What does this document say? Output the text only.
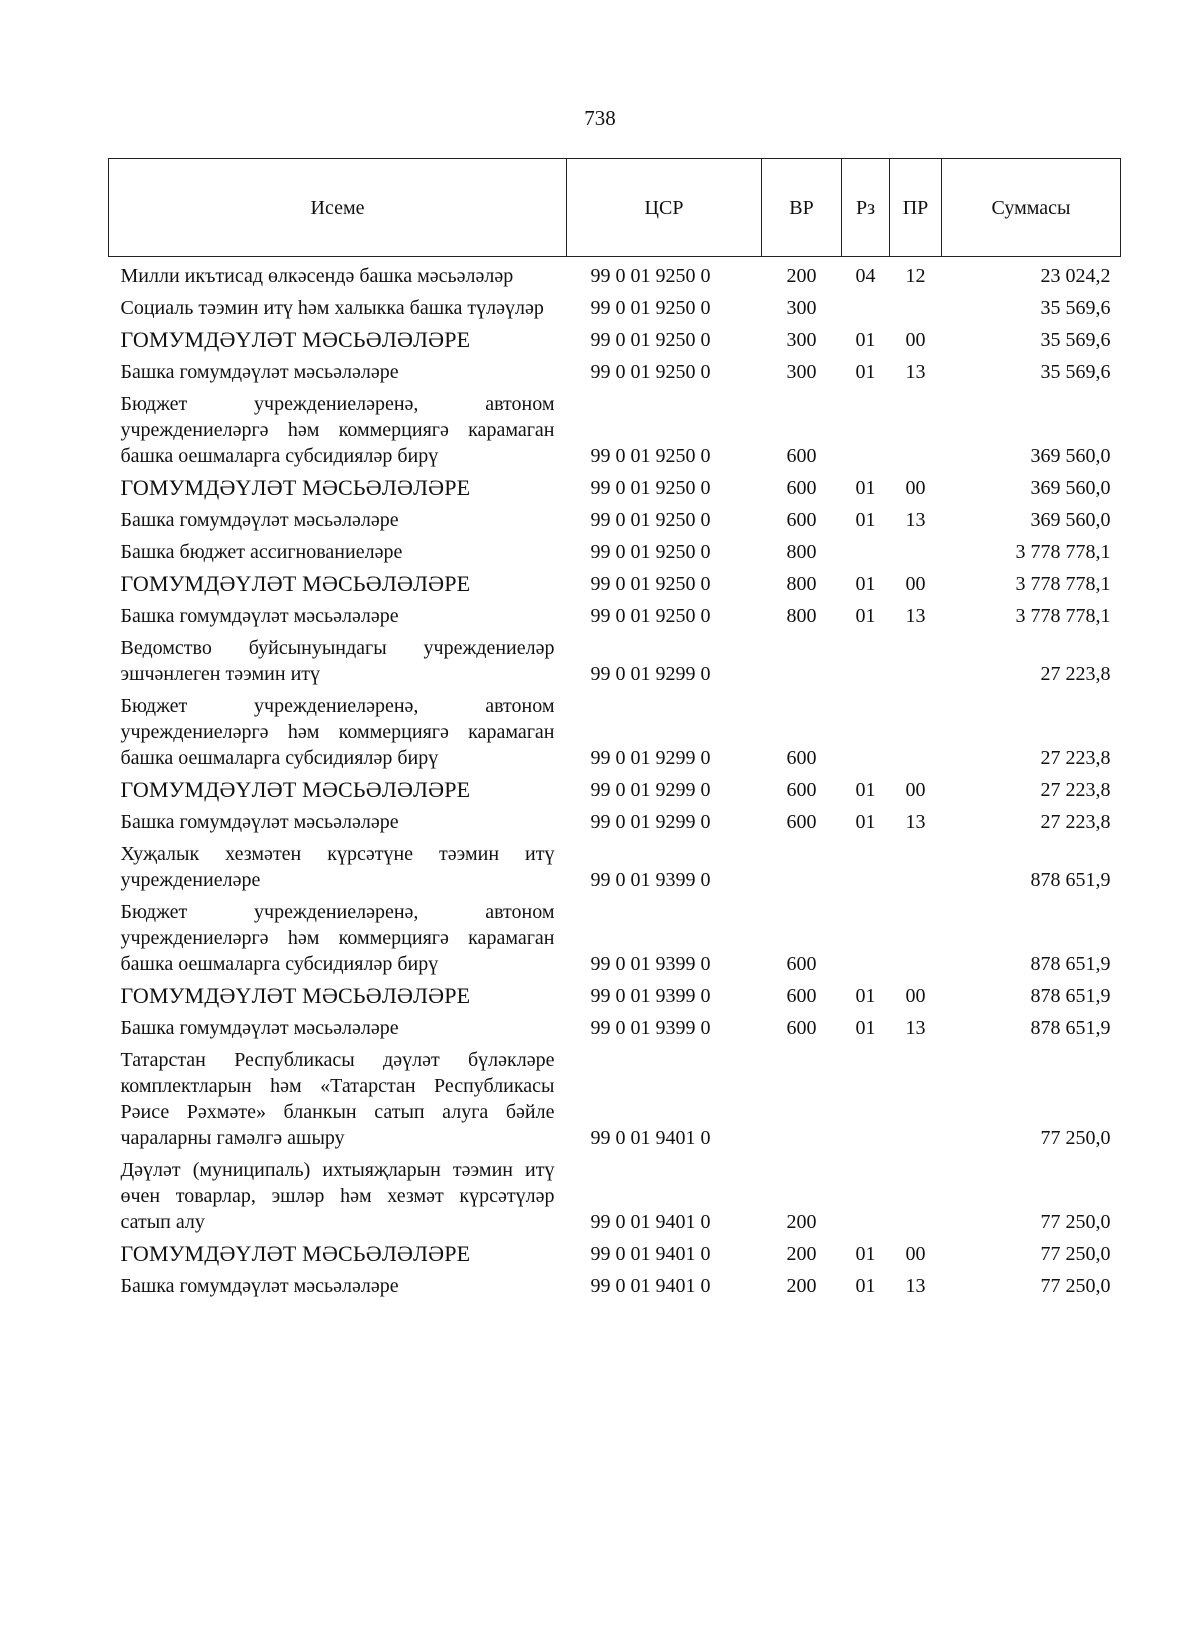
738
Исеме	ЦСР	ВР	Рз	ПР	Суммасы
Милли икътисад өлкәсендә башка мәсьәләләр	99 0 01 9250 0	200	04	12	23 024,2
Социаль тәэмин итү һәм халыкка башка түләүләр	99 0 01 9250 0	300			35 569,6
ГОМУМДӘҮЛӘТ МӘСЬӘЛӘЛӘРЕ	99 0 01 9250 0	300	01	00	35 569,6
Башка гомумдәүләт мәсьәләләре	99 0 01 9250 0	300	01	13	35 569,6
Бюджет учреждениеләренә, автоном учреждениеләргә һәм коммерциягә карамаган башка оешмаларга субсидияләр бирү	99 0 01 9250 0	600			369 560,0
ГОМУМДӘҮЛӘТ МӘСЬӘЛӘЛӘРЕ	99 0 01 9250 0	600	01	00	369 560,0
Башка гомумдәүләт мәсьәләләре	99 0 01 9250 0	600	01	13	369 560,0
Башка бюджет ассигнованиеләре	99 0 01 9250 0	800			3 778 778,1
ГОМУМДӘҮЛӘТ МӘСЬӘЛӘЛӘРЕ	99 0 01 9250 0	800	01	00	3 778 778,1
Башка гомумдәүләт мәсьәләләре	99 0 01 9250 0	800	01	13	3 778 778,1
Ведомство буйсынуындагы учреждениеләр эшчәнлеген тәэмин итү	99 0 01 9299 0				27 223,8
Бюджет учреждениеләренә, автоном учреждениеләргә һәм коммерциягә карамаган башка оешмаларга субсидияләр бирү	99 0 01 9299 0	600			27 223,8
ГОМУМДӘҮЛӘТ МӘСЬӘЛӘЛӘРЕ	99 0 01 9299 0	600	01	00	27 223,8
Башка гомумдәүләт мәсьәләләре	99 0 01 9299 0	600	01	13	27 223,8
Хуҗалык хезмәтен күрсәтүне тәэмин итү учреждениеләре	99 0 01 9399 0				878 651,9
Бюджет учреждениеләренә, автоном учреждениеләргә һәм коммерциягә карамаган башка оешмаларга субсидияләр бирү	99 0 01 9399 0	600			878 651,9
ГОМУМДӘҮЛӘТ МӘСЬӘЛӘЛӘРЕ	99 0 01 9399 0	600	01	00	878 651,9
Башка гомумдәүләт мәсьәләләре	99 0 01 9399 0	600	01	13	878 651,9
Татарстан Республикасы дәүләт бүләкләре комплектларын һәм «Татарстан Республикасы Рәисе Рәхмәте» бланкын сатып алуга бәйле чараларны гамәлгә ашыру	99 0 01 9401 0				77 250,0
Дәүләт (муниципаль) ихтыяҗларын тәэмин итү өчен товарлар, эшләр һәм хезмәт күрсәтүләр сатып алу	99 0 01 9401 0	200			77 250,0
ГОМУМДӘҮЛӘТ МӘСЬӘЛӘЛӘРЕ	99 0 01 9401 0	200	01	00	77 250,0
Башка гомумдәүләт мәсьәләләре	99 0 01 9401 0	200	01	13	77 250,0
